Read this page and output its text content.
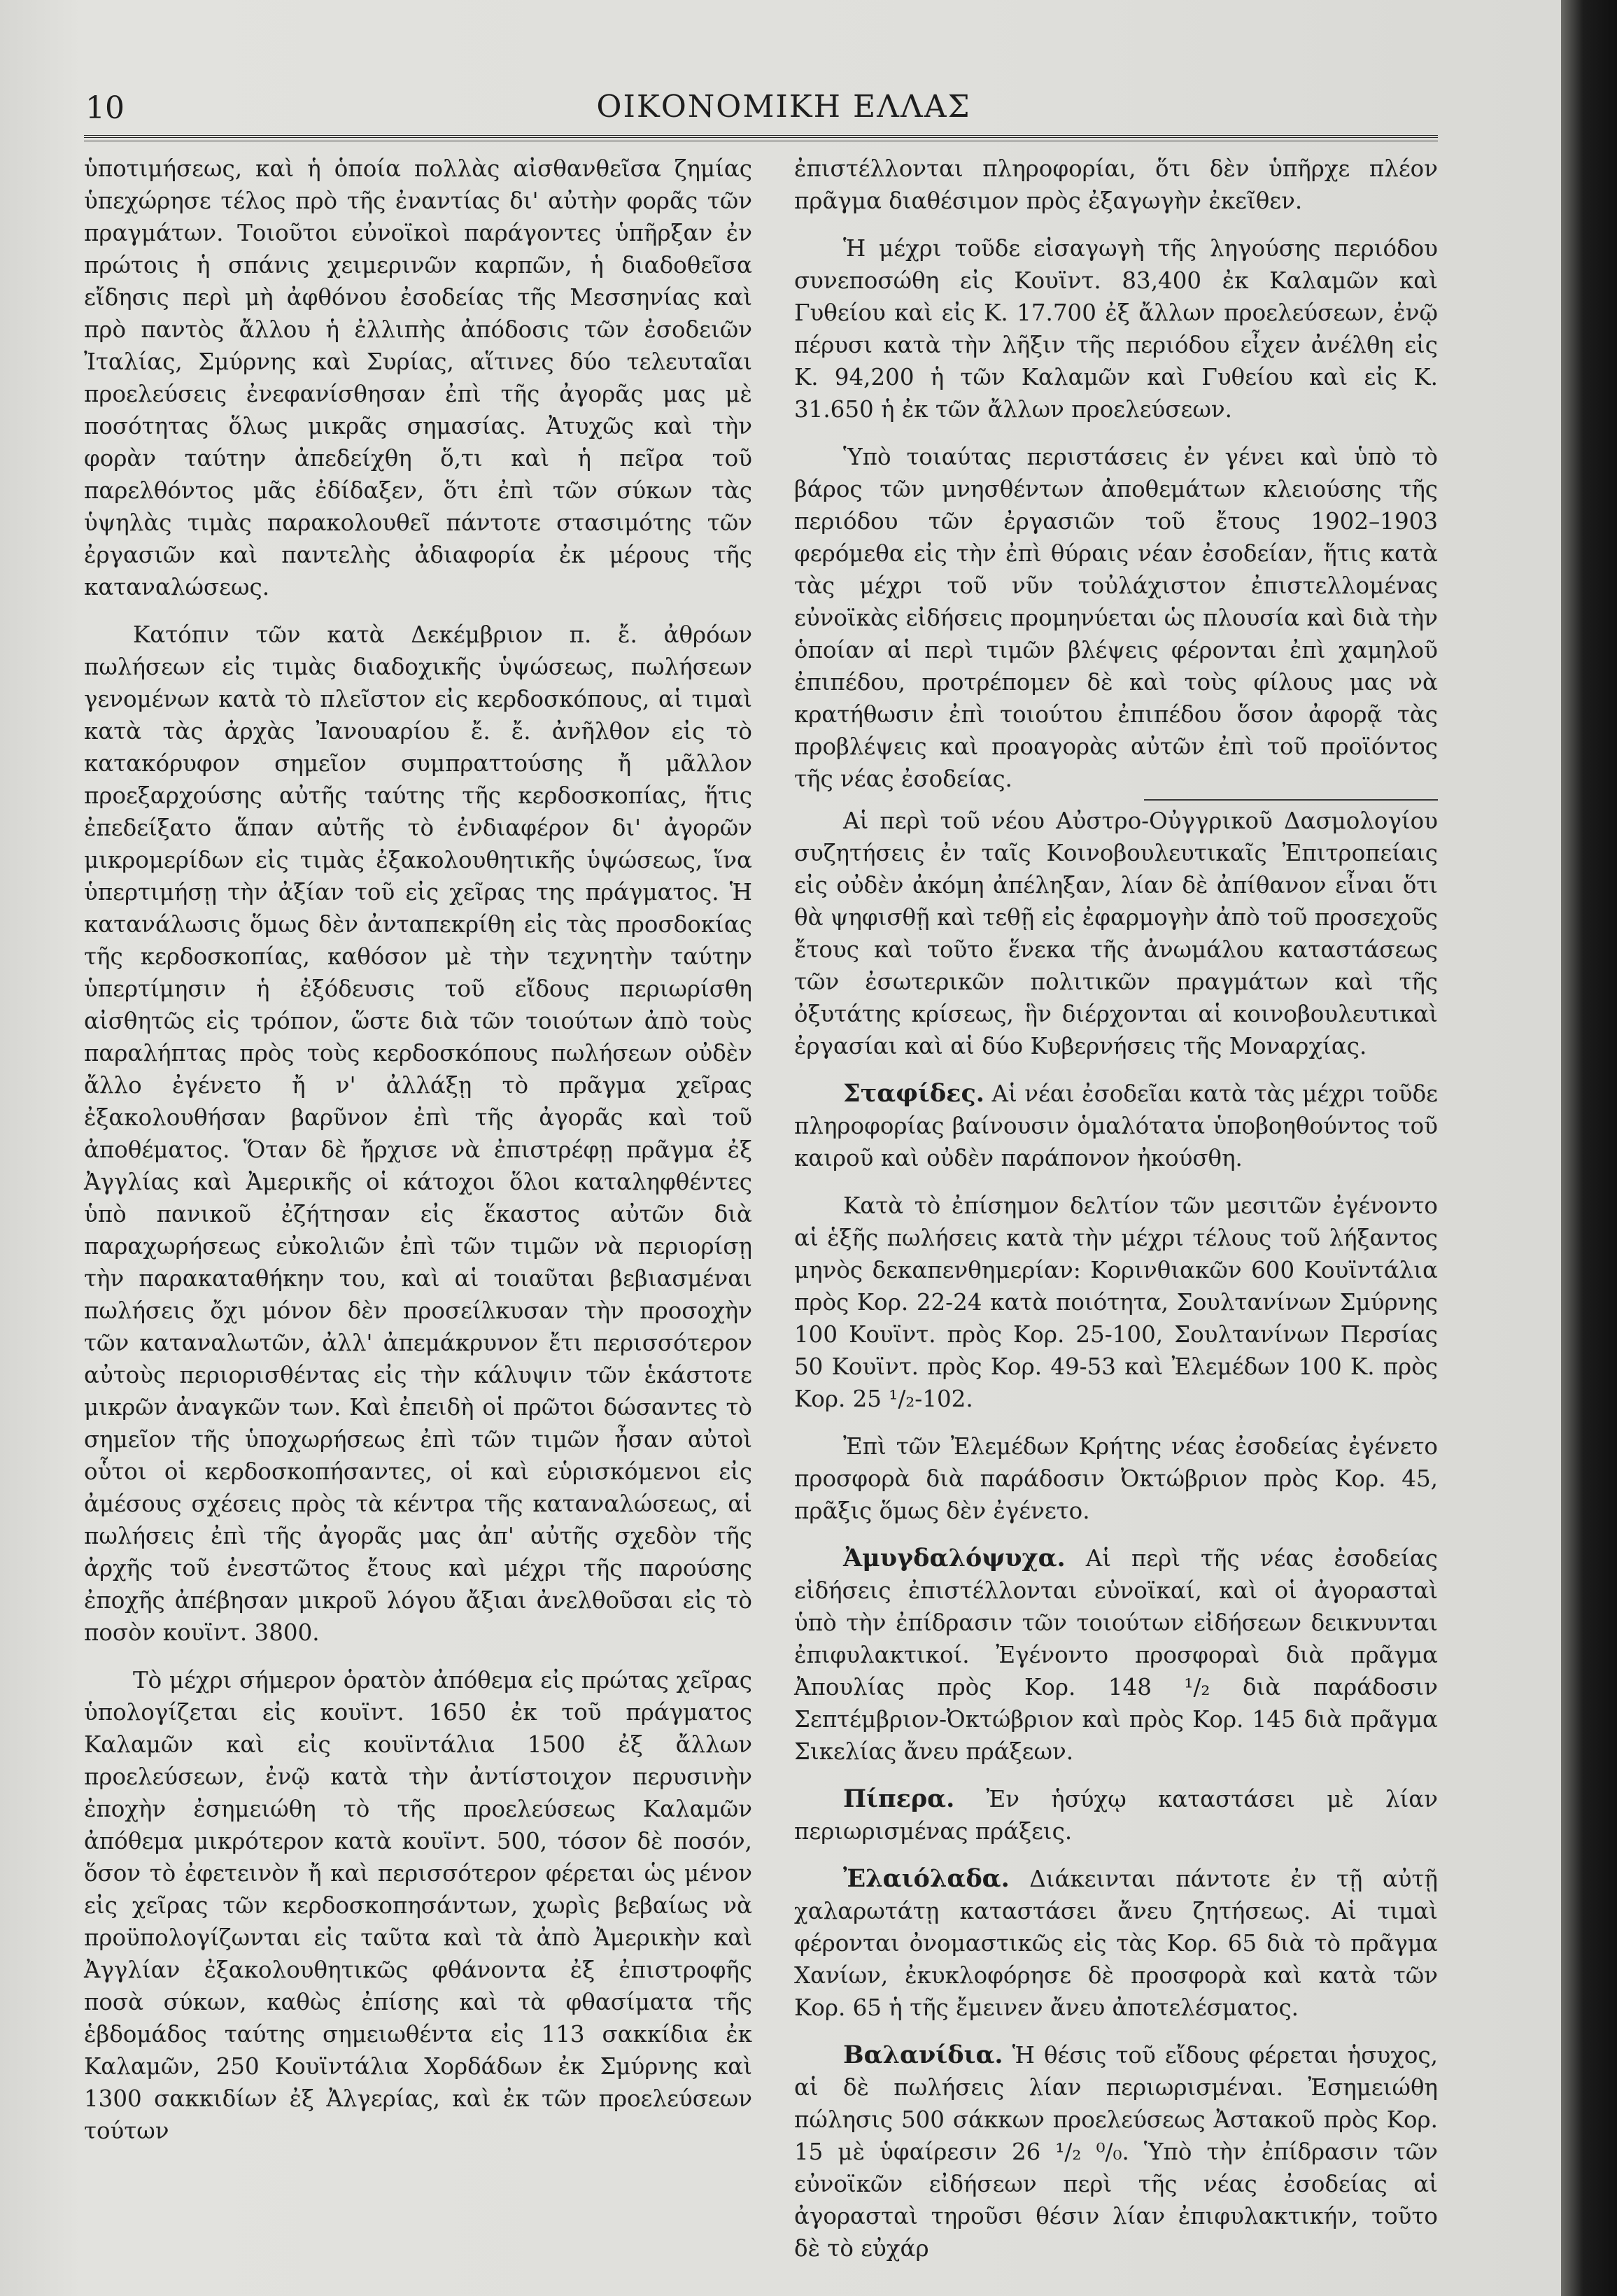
10	ΟΙΚΟΝΟΜΙΚΗ ΕΛΛΑΣ

ὑποτιμήσεως, καὶ ἡ ὁποία πολλὰς αἰσθανθεῖσα ζημίας ὑπεχώρησε τέλος πρὸ τῆς ἐναντίας δι' αὐτὴν φορᾶς τῶν πραγμάτων. Τοιοῦτοι εὐνοϊκοὶ παράγοντες ὑπῆρξαν ἐν πρώτοις ἡ σπάνις χειμερινῶν καρπῶν, ἡ διαδοθεῖσα εἴδησις περὶ μὴ ἀφθόνου ἐσοδείας τῆς Μεσσηνίας καὶ πρὸ παντὸς ἄλλου ἡ ἐλλιπὴς ἀπόδοσις τῶν ἐσοδειῶν Ἰταλίας, Σμύρνης καὶ Συρίας, αἵτινες δύο τελευταῖαι προελεύσεις ἐνεφανίσθησαν ἐπὶ τῆς ἀγορᾶς μας μὲ ποσότητας ὅλως μικρᾶς σημασίας. Ἀτυχῶς καὶ τὴν φορὰν ταύτην ἀπεδείχθη ὅ,τι καὶ ἡ πεῖρα τοῦ παρελθόντος μᾶς ἐδίδαξεν, ὅτι ἐπὶ τῶν σύκων τὰς ὑψηλὰς τιμὰς παρακολουθεῖ πάντοτε στασιμότης τῶν ἐργασιῶν καὶ παντελὴς ἀδιαφορία ἐκ μέρους τῆς καταναλώσεως.

Κατόπιν τῶν κατὰ Δεκέμβριον π. ἔ. ἀθρόων πωλήσεων εἰς τιμὰς διαδοχικῆς ὑψώσεως, πωλήσεων γενομένων κατὰ τὸ πλεῖστον εἰς κερδοσκόπους, αἱ τιμαὶ κατὰ τὰς ἀρχὰς Ἰανουαρίου ἔ. ἔ. ἀνῆλθον εἰς τὸ κατακόρυφον σημεῖον συμπραττούσης ἤ μᾶλλον προεξαρχούσης αὐτῆς ταύτης τῆς κερδοσκοπίας, ἥτις ἐπεδείξατο ἅπαν αὐτῆς τὸ ἐνδιαφέρον δι' ἀγορῶν μικρομερίδων εἰς τιμὰς ἐξακολουθητικῆς ὑψώσεως, ἵνα ὑπερτιμήσῃ τὴν ἀξίαν τοῦ εἰς χεῖρας της πράγματος. Ἡ κατανάλωσις ὅμως δὲν ἀνταπεκρίθη εἰς τὰς προσδοκίας τῆς κερδοσκοπίας, καθόσον μὲ τὴν τεχνητὴν ταύτην ὑπερτίμησιν ἡ ἐξόδευσις τοῦ εἴδους περιωρίσθη αἰσθητῶς εἰς τρόπον, ὥστε διὰ τῶν τοιούτων ἀπὸ τοὺς παραλήπτας πρὸς τοὺς κερδοσκόπους πωλήσεων οὐδὲν ἄλλο ἐγένετο ἤ ν' ἀλλάξῃ τὸ πρᾶγμα χεῖρας ἐξακολουθήσαν βαρῦνον ἐπὶ τῆς ἀγορᾶς καὶ τοῦ ἀποθέματος. Ὅταν δὲ ἤρχισε νὰ ἐπιστρέφῃ πρᾶγμα ἐξ Ἀγγλίας καὶ Ἀμερικῆς οἱ κάτοχοι ὅλοι καταληφθέντες ὑπὸ πανικοῦ ἐζήτησαν εἰς ἕκαστος αὐτῶν διὰ παραχωρήσεως εὐκολιῶν ἐπὶ τῶν τιμῶν νὰ περιορίσῃ τὴν παρακαταθήκην του, καὶ αἱ τοιαῦται βεβιασμέναι πωλήσεις ὄχι μόνον δὲν προσείλκυσαν τὴν προσοχὴν τῶν καταναλωτῶν, ἀλλ' ἀπεμάκρυνον ἔτι περισσότερον αὐτοὺς περιορισθέντας εἰς τὴν κάλυψιν τῶν ἑκάστοτε μικρῶν ἀναγκῶν των. Καὶ ἐπειδὴ οἱ πρῶτοι δώσαντες τὸ σημεῖον τῆς ὑποχωρήσεως ἐπὶ τῶν τιμῶν ἦσαν αὐτοὶ οὗτοι οἱ κερδοσκοπήσαντες, οἱ καὶ εὑρισκόμενοι εἰς ἀμέσους σχέσεις πρὸς τὰ κέντρα τῆς καταναλώσεως, αἱ πωλήσεις ἐπὶ τῆς ἀγορᾶς μας ἀπ' αὐτῆς σχεδὸν τῆς ἀρχῆς τοῦ ἐνεστῶτος ἔτους καὶ μέχρι τῆς παρούσης ἐποχῆς ἀπέβησαν μικροῦ λόγου ἄξιαι ἀνελθοῦσαι εἰς τὸ ποσὸν κουϊντ. 3800.

Τὸ μέχρι σήμερον ὁρατὸν ἀπόθεμα εἰς πρώτας χεῖρας ὑπολογίζεται εἰς κουϊντ. 1650 ἐκ τοῦ πράγματος Καλαμῶν καὶ εἰς κουϊντάλια 1500 ἐξ ἄλλων προελεύσεων, ἐνῷ κατὰ τὴν ἀντίστοιχον περυσινὴν ἐποχὴν ἐσημειώθη τὸ τῆς προελεύσεως Καλαμῶν ἀπόθεμα μικρότερον κατὰ κουϊντ. 500, τόσον δὲ ποσόν, ὅσον τὸ ἐφετεινὸν ἤ καὶ περισσότερον φέρεται ὡς μένον εἰς χεῖρας τῶν κερδοσκοπησάντων, χωρὶς βεβαίως νὰ προϋπολογίζωνται εἰς ταῦτα καὶ τὰ ἀπὸ Ἀμερικὴν καὶ Ἀγγλίαν ἐξακολουθητικῶς φθάνοντα ἐξ ἐπιστροφῆς ποσὰ σύκων, καθὼς ἐπίσης καὶ τὰ φθασίματα τῆς ἑβδομάδος ταύτης σημειωθέντα εἰς 113 σακκίδια ἐκ Καλαμῶν, 250 Κουϊντάλια Χορδάδων ἐκ Σμύρνης καὶ 1300 σακκιδίων ἐξ Ἀλγερίας, καὶ ἐκ τῶν προελεύσεων τούτων

ἐπιστέλλονται πληροφορίαι, ὅτι δὲν ὑπῆρχε πλέον πρᾶγμα διαθέσιμον πρὸς ἐξαγωγὴν ἐκεῖθεν.

Ἡ μέχρι τοῦδε εἰσαγωγὴ τῆς ληγούσης περιόδου συνεποσώθη εἰς Κουϊντ. 83,400 ἐκ Καλαμῶν καὶ Γυθείου καὶ εἰς Κ. 17.700 ἐξ ἄλλων προελεύσεων, ἐνῷ πέρυσι κατὰ τὴν λῆξιν τῆς περιόδου εἶχεν ἀνέλθη εἰς Κ. 94,200 ἡ τῶν Καλαμῶν καὶ Γυθείου καὶ εἰς Κ. 31.650 ἡ ἐκ τῶν ἄλλων προελεύσεων.

Ὑπὸ τοιαύτας περιστάσεις ἐν γένει καὶ ὑπὸ τὸ βάρος τῶν μνησθέντων ἀποθεμάτων κλειούσης τῆς περιόδου τῶν ἐργασιῶν τοῦ ἔτους 1902–1903 φερόμεθα εἰς τὴν ἐπὶ θύραις νέαν ἐσοδείαν, ἥτις κατὰ τὰς μέχρι τοῦ νῦν τοὐλάχιστον ἐπιστελλομένας εὐνοϊκὰς εἰδήσεις προμηνύεται ὡς πλουσία καὶ διὰ τὴν ὁποίαν αἱ περὶ τιμῶν βλέψεις φέρονται ἐπὶ χαμηλοῦ ἐπιπέδου, προτρέπομεν δὲ καὶ τοὺς φίλους μας νὰ κρατήθωσιν ἐπὶ τοιούτου ἐπιπέδου ὅσον ἀφορᾷ τὰς προβλέψεις καὶ προαγορὰς αὐτῶν ἐπὶ τοῦ προϊόντος τῆς νέας ἐσοδείας.

Αἱ περὶ τοῦ νέου Αὐστρο-Οὐγγρικοῦ Δασμολογίου συζητήσεις ἐν ταῖς Κοινοβουλευτικαῖς Ἐπιτροπείαις εἰς οὐδὲν ἀκόμη ἀπέληξαν, λίαν δὲ ἀπίθανον εἶναι ὅτι θὰ ψηφισθῇ καὶ τεθῇ εἰς ἐφαρμογὴν ἀπὸ τοῦ προσεχοῦς ἔτους καὶ τοῦτο ἕνεκα τῆς ἀνωμάλου καταστάσεως τῶν ἐσωτερικῶν πολιτικῶν πραγμάτων καὶ τῆς ὀξυτάτης κρίσεως, ἣν διέρχονται αἱ κοινοβουλευτικαὶ ἐργασίαι καὶ αἱ δύο Κυβερνήσεις τῆς Μοναρχίας.

Σταφίδες. Αἱ νέαι ἐσοδεῖαι κατὰ τὰς μέχρι τοῦδε πληροφορίας βαίνουσιν ὁμαλότατα ὑποβοηθούντος τοῦ καιροῦ καὶ οὐδὲν παράπονον ἠκούσθη.

Κατὰ τὸ ἐπίσημον δελτίον τῶν μεσιτῶν ἐγένοντο αἱ ἑξῆς πωλήσεις κατὰ τὴν μέχρι τέλους τοῦ λήξαντος μηνὸς δεκαπενθημερίαν: Κορινθιακῶν 600 Κουϊντάλια πρὸς Κορ. 22-24 κατὰ ποιότητα, Σουλτανίνων Σμύρνης 100 Κουϊντ. πρὸς Κορ. 25-100, Σουλτανίνων Περσίας 50 Κουϊντ. πρὸς Κορ. 49-53 καὶ Ἐλεμέδων 100 Κ. πρὸς Κορ. 25 ¹/₂-102.

Ἐπὶ τῶν Ἐλεμέδων Κρήτης νέας ἐσοδείας ἐγένετο προσφορὰ διὰ παράδοσιν Ὀκτώβριον πρὸς Κορ. 45, πρᾶξις ὅμως δὲν ἐγένετο.

Ἀμυγδαλόψυχα. Αἱ περὶ τῆς νέας ἐσοδείας εἰδήσεις ἐπιστέλλονται εὐνοϊκαί, καὶ οἱ ἀγορασταὶ ὑπὸ τὴν ἐπίδρασιν τῶν τοιούτων εἰδήσεων δεικνυνται ἐπιφυλακτικοί. Ἐγένοντο προσφοραὶ διὰ πρᾶγμα Ἀπουλίας πρὸς Κορ. 148 ¹/₂ διὰ παράδοσιν Σεπτέμβριον-Ὀκτώβριον καὶ πρὸς Κορ. 145 διὰ πρᾶγμα Σικελίας ἄνευ πράξεων.

Πίπερα. Ἐν ἡσύχῳ καταστάσει μὲ λίαν περιωρισμένας πράξεις.

Ἐλαιόλαδα. Διάκεινται πάντοτε ἐν τῇ αὐτῇ χαλαρωτάτῃ καταστάσει ἄνευ ζητήσεως. Αἱ τιμαὶ φέρονται ὀνομαστικῶς εἰς τὰς Κορ. 65 διὰ τὸ πρᾶγμα Χανίων, ἐκυκλοφόρησε δὲ προσφορὰ καὶ κατὰ τῶν Κορ. 65 ἡ τῆς ἔμεινεν ἄνευ ἀποτελέσματος.

Βαλανίδια. Ἡ θέσις τοῦ εἴδους φέρεται ἡσυχος, αἱ δὲ πωλήσεις λίαν περιωρισμέναι. Ἐσημειώθη πώλησις 500 σάκκων προελεύσεως Ἀστακοῦ πρὸς Κορ. 15 μὲ ὑφαίρεσιν 26 ¹/₂ ⁰/₀. Ὑπὸ τὴν ἐπίδρασιν τῶν εὐνοϊκῶν εἰδήσεων περὶ τῆς νέας ἐσοδείας αἱ ἀγορασταὶ τηροῦσι θέσιν λίαν ἐπιφυλακτικήν, τοῦτο δὲ τὸ εὐχάρ
